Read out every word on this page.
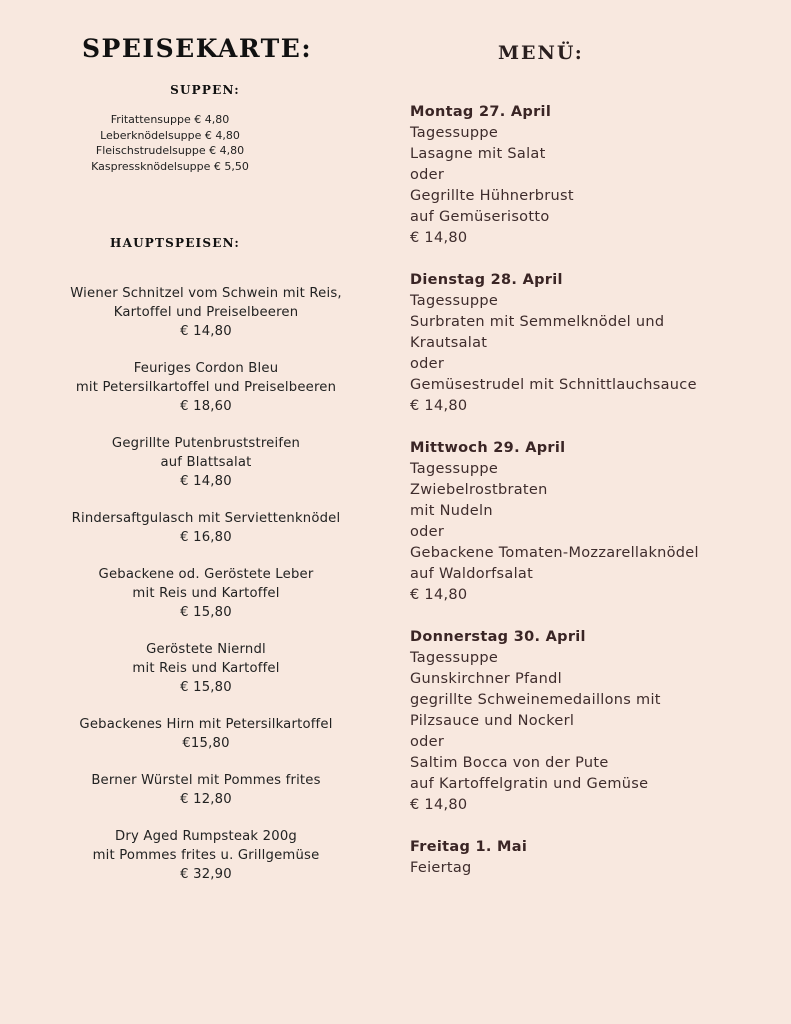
SPEISEKARTE:	MENÜ:
SUPPEN:
Fritattensuppe € 4,80
Leberknödelsuppe € 4,80
Fleischstrudelsuppe € 4,80
Kaspressknödelsuppe € 5,50
HAUPTSPEISEN:
Wiener Schnitzel vom Schwein mit Reis,
Kartoffel und Preiselbeeren
€ 14,80
Feuriges Cordon Bleu
mit Petersilkartoffel und Preiselbeeren
€ 18,60
Gegrillte Putenbruststreifen
auf Blattsalat
€ 14,80
Rindersaftgulasch mit Serviettenknödel
€ 16,80
Gebackene od. Geröstete Leber
mit Reis und Kartoffel
€ 15,80
Geröstete Nierndl
mit Reis und Kartoffel
€ 15,80
Gebackenes Hirn mit Petersilkartoffel
€15,80
Berner Würstel mit Pommes frites
€ 12,80
Dry Aged Rumpsteak 200g
mit Pommes frites u. Grillgemüse
€ 32,90
Montag 27. April
Tagessuppe
Lasagne mit Salat
oder
Gegrillte Hühnerbrust
auf Gemüserisotto
€ 14,80
Dienstag 28. April
Tagessuppe
Surbraten mit Semmelknödel und
Krautsalat
oder
Gemüsestrudel mit Schnittlauchsauce
€ 14,80
Mittwoch 29. April
Tagessuppe
Zwiebelrostbraten
mit Nudeln
oder
Gebackene Tomaten-Mozzarellaknödel
auf Waldorfsalat
€ 14,80
Donnerstag 30. April
Tagessuppe
Gunskirchner Pfandl
gegrillte Schweinemedaillons mit
Pilzsauce und Nockerl
oder
Saltim Bocca von der Pute
auf Kartoffelgratin und Gemüse
€ 14,80
Freitag 1. Mai
Feiertag
